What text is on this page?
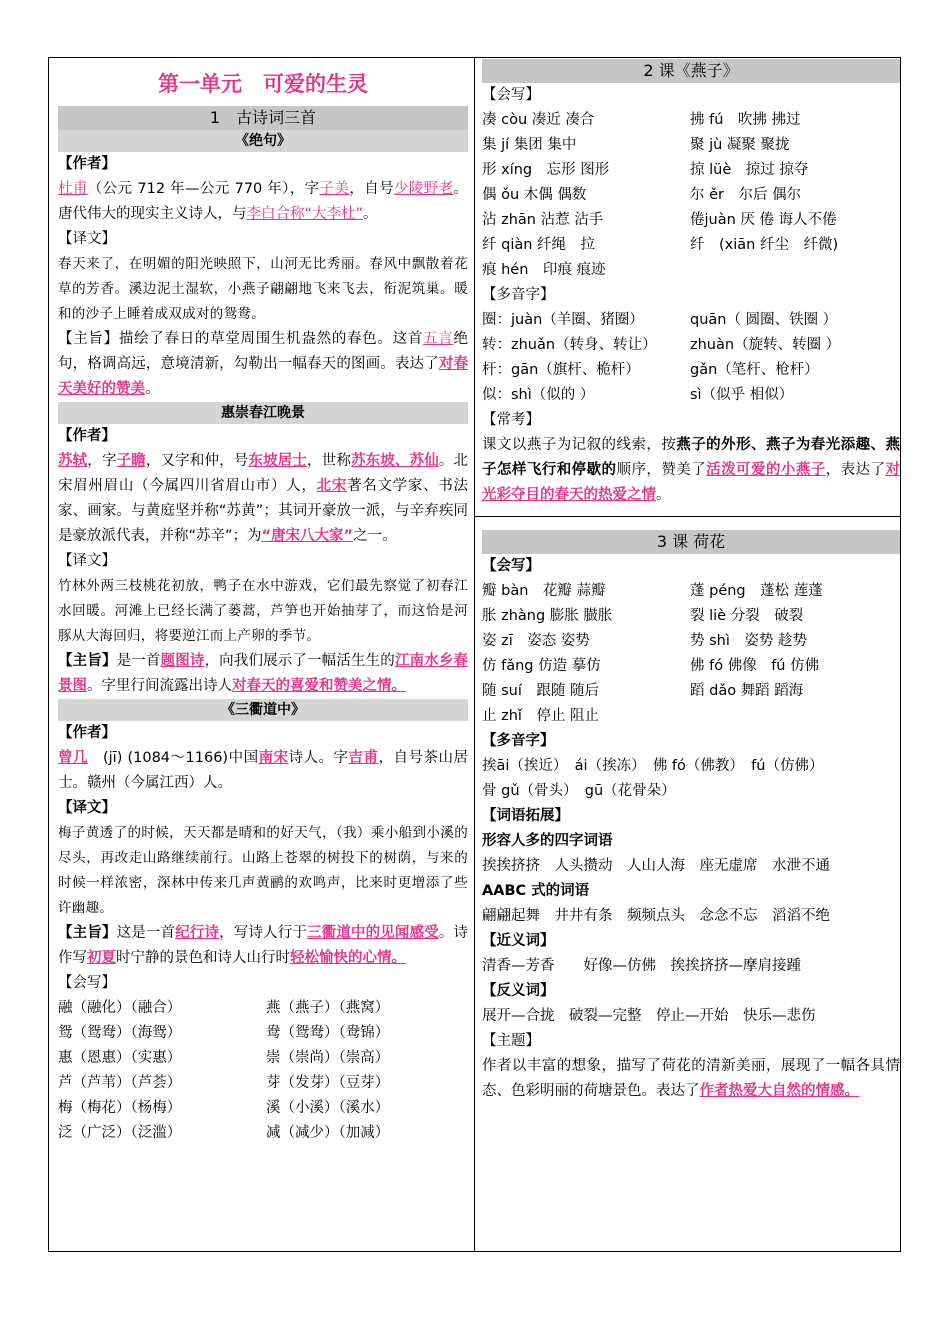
第一单元　可爱的生灵
1　古诗词三首
《绝句》
【作者】
杜甫（公元 712 年—公元 770 年），字子美，自号少陵野老。唐代伟大的现实主义诗人，与李白合称“大李杜”。
【译文】
春天来了，在明媚的阳光映照下，山河无比秀丽。春风中飘散着花草的芳香。溪边泥土湿软，小燕子翩翩地飞来飞去，衔泥筑巢。暖和的沙子上睡着成双成对的鸳鸯。
【主旨】描绘了春日的草堂周围生机盎然的春色。这首五言绝句，格调高远，意境清新，勾勒出一幅春天的图画。表达了对春天美好的赞美。
惠崇春江晚景
【作者】
苏轼，字子瞻，又字和仲，号东坡居士，世称苏东坡、苏仙。北宋眉州眉山（今属四川省眉山市）人，北宋著名文学家、书法家、画家。与黄庭坚并称“苏黄”；其词开豪放一派，与辛弃疾同是豪放派代表，并称“苏辛”；为“唐宋八大家”之一。
【译文】
竹林外两三枝桃花初放，鸭子在水中游戏，它们最先察觉了初春江水回暖。河滩上已经长满了蒌蒿，芦笋也开始抽芽了，而这恰是河豚从大海回归，将要逆江而上产卵的季节。
【主旨】是一首题图诗，向我们展示了一幅活生生的江南水乡春景图。字里行间流露出诗人对春天的喜爱和赞美之情。
《三衢道中》
【作者】
曾几　(jī) (1084～1166)中国南宋诗人。字吉甫，自号茶山居士。赣州（今属江西）人。
【译文】
梅子黄透了的时候，天天都是晴和的好天气，（我）乘小船到小溪的尽头，再改走山路继续前行。山路上苍翠的树投下的树荫，与来的时候一样浓密，深林中传来几声黄鹂的欢鸣声，比来时更增添了些许幽趣。
【主旨】这是一首纪行诗，写诗人行于三衢道中的见闻感受。诗作写初夏时宁静的景色和诗人山行时轻松愉快的心情。
【会写】
融（融化）（融合）	燕（燕子）（燕窝）
鸳（鸳鸯）（海鸳）	鸯（鸳鸯）（鸯锦）
惠（恩惠）（实惠）	崇（崇尚）（崇高）
芦（芦苇）（芦荟）	芽（发芽）（豆芽）
梅（梅花）（杨梅）	溪（小溪）（溪水）
泛（广泛）（泛滥）	减（减少）（加减）
2 课《燕子》
【会写】
凑 còu 凑近 凑合	拂 fú　吹拂 拂过
集 jí 集团 集中	聚 jù 凝聚 聚拢
形 xíng　忘形 图形	掠 lüè　掠过 掠夺
偶 ǒu 木偶 偶数	尔 ěr　尔后 偶尔
沾 zhān 沾惹 沾手	倦juàn 厌 倦 诲人不倦
纤 qiàn 纤绳　拉	纤　(xiān 纤尘　纤微)
痕 hén　印痕 痕迹
【多音字】
圈：juàn（羊圈、猪圈）	quān（ 圆圈、铁圈 ）
转：zhuǎn（转身、转让）	zhuàn（旋转、转圈 ）
杆：gān（旗杆、桅杆）	gǎn（笔杆、枪杆）
似：shì（似的 ）	sì（似乎 相似）
【常考】
课文以燕子为记叙的线索，按燕子的外形、燕子为春光添趣、燕子怎样飞行和停歇的顺序，赞美了活泼可爱的小燕子，表达了对光彩夺目的春天的热爱之情。
3 课 荷花
【会写】
瓣 bàn　花瓣 蒜瓣	蓬 péng　蓬松 莲蓬
胀 zhàng 膨胀 臌胀	裂 liè 分裂　破裂
姿 zī　姿态 姿势	势 shì　姿势 趁势
仿 fǎng 仿造 摹仿	佛 fó 佛像　fú 仿佛
随 suí　跟随 随后	蹈 dǎo 舞蹈 蹈海
止 zhǐ　停止 阻止
【多音字】
挨āi（挨近）　ái（挨冻）　佛 fó（佛教）　fú（仿佛）
骨 gǔ（骨头）　gū（花骨朵）
【词语拓展】
形容人多的四字词语
挨挨挤挤　人头攒动　人山人海　座无虚席　水泄不通
AABC 式的词语
翩翩起舞　井井有条　频频点头　念念不忘　滔滔不绝
【近义词】
清香—芳香　　好像—仿佛　挨挨挤挤—摩肩接踵
【反义词】
展开—合拢　破裂—完整　停止—开始　快乐—悲伤
【主题】
作者以丰富的想象，描写了荷花的清新美丽，展现了一幅各具情态、色彩明丽的荷塘景色。表达了作者热爱大自然的情感。
